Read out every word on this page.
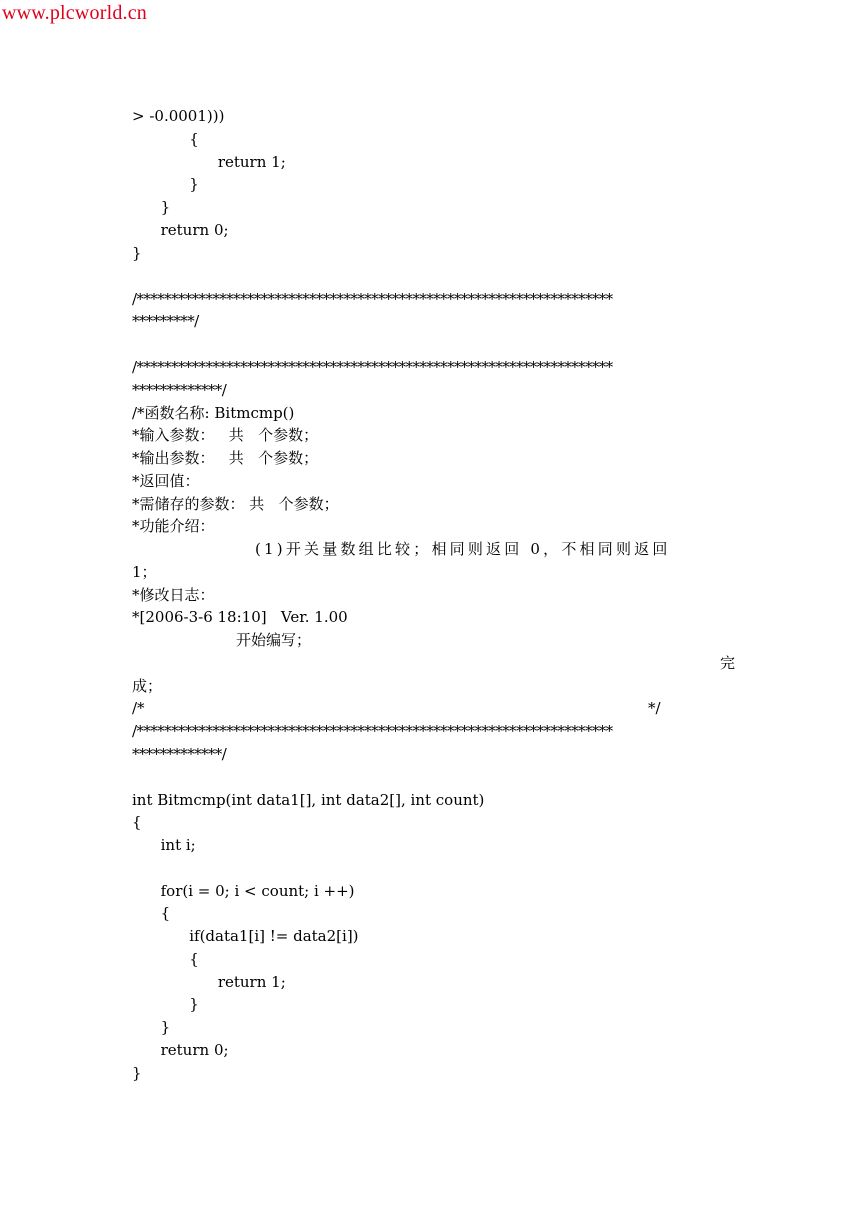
www.plcworld.cn
> -0.0001)))
{
return 1;
}
}
return 0;
}
/*********************************************************************
*********/
/*********************************************************************
*************/
/*函数名称: Bitmcmp()
*输入参数：   共   个参数；
*输出参数：   共   个参数；
*返回值：
*需储存的参数： 共   个参数；
*功能介绍：
(1)开关量数组比较；相同则返回 0，不相同则返回
1；
*修改日志：
*[2006-3-6 18:10]   Ver. 1.00
开始编写；
完
成；
/*	*/
/*********************************************************************
*************/
int Bitmcmp(int data1[], int data2[], int count)
{
int i;
for(i = 0; i < count; i ++)
{
if(data1[i] != data2[i])
{
return 1;
}
}
return 0;
}
